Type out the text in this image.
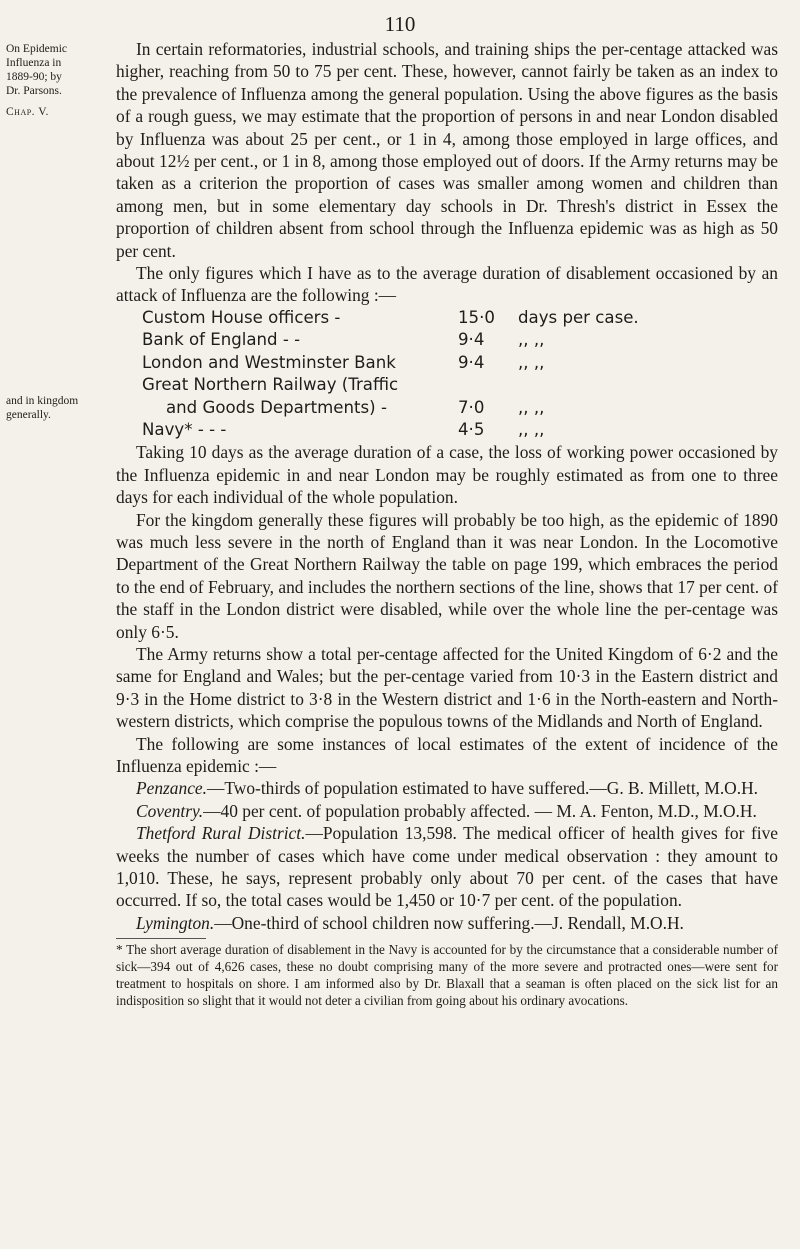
110
On Epidemic
Influenza in
1889-90; by
Dr. Parsons.
Chap. V.
and in kingdom
generally.

In certain reformatories, industrial schools, and training ships the per-centage attacked was higher, reaching from 50 to 75 per cent. These, however, cannot fairly be taken as an index to the prevalence of Influenza among the general population. Using the above figures as the basis of a rough guess, we may estimate that the proportion of persons in and near London disabled by Influenza was about 25 per cent., or 1 in 4, among those employed in large offices, and about 12½ per cent., or 1 in 8, among those employed out of doors. If the Army returns may be taken as a criterion the proportion of cases was smaller among women and children than among men, but in some elementary day schools in Dr. Thresh's district in Essex the proportion of children absent from school through the Influenza epidemic was as high as 50 per cent.

The only figures which I have as to the average duration of disablement occasioned by an attack of Influenza are the following :—

Custom House officers -	15·0	days per case.
Bank of England - -	9·4	,, ,,
London and Westminster Bank	9·4	,, ,,
Great Northern Railway (Traffic		
and Goods Departments) -	7·0	,, ,,
Navy* - - -	4·5	,, ,,

Taking 10 days as the average duration of a case, the loss of working power occasioned by the Influenza epidemic in and near London may be roughly estimated as from one to three days for each individual of the whole population.

For the kingdom generally these figures will probably be too high, as the epidemic of 1890 was much less severe in the north of England than it was near London. In the Locomotive Department of the Great Northern Railway the table on page 199, which embraces the period to the end of February, and includes the northern sections of the line, shows that 17 per cent. of the staff in the London district were disabled, while over the whole line the per-centage was only 6·5.

The Army returns show a total per-centage affected for the United Kingdom of 6·2 and the same for England and Wales; but the per-centage varied from 10·3 in the Eastern district and 9·3 in the Home district to 3·8 in the Western district and 1·6 in the North-eastern and North-western districts, which comprise the populous towns of the Midlands and North of England.

The following are some instances of local estimates of the extent of incidence of the Influenza epidemic :—

Penzance.—Two-thirds of population estimated to have suffered.—G. B. Millett, M.O.H.

Coventry.—40 per cent. of population probably affected. — M. A. Fenton, M.D., M.O.H.

Thetford Rural District.—Population 13,598. The medical officer of health gives for five weeks the number of cases which have come under medical observation : they amount to 1,010. These, he says, represent probably only about 70 per cent. of the cases that have occurred. If so, the total cases would be 1,450 or 10·7 per cent. of the population.

Lymington.—One-third of school children now suffering.—J. Rendall, M.O.H.

* The short average duration of disablement in the Navy is accounted for by the circumstance that a considerable number of sick—394 out of 4,626 cases, these no doubt comprising many of the more severe and protracted ones—were sent for treatment to hospitals on shore. I am informed also by Dr. Blaxall that a seaman is often placed on the sick list for an indisposition so slight that it would not deter a civilian from going about his ordinary avocations.
